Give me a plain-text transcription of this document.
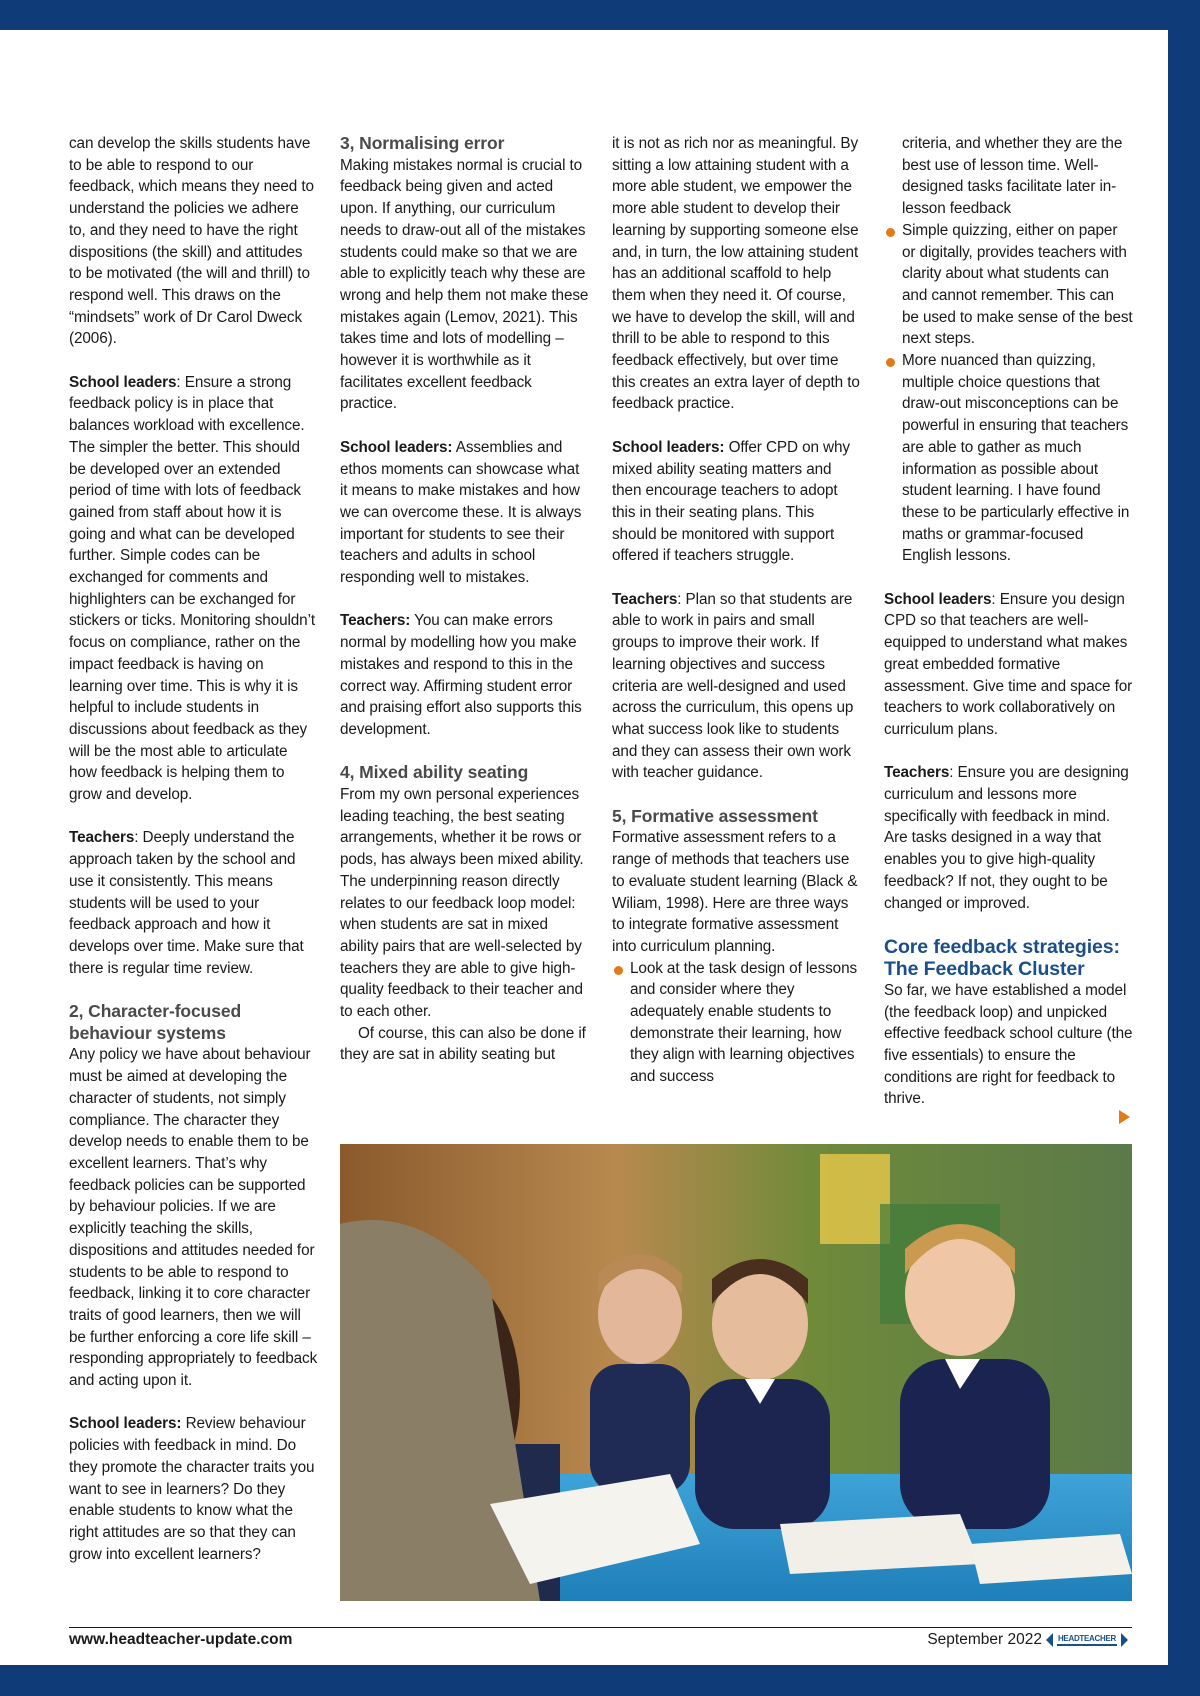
can develop the skills students have to be able to respond to our feedback, which means they need to understand the policies we adhere to, and they need to have the right dispositions (the skill) and attitudes to be motivated (the will and thrill) to respond well. This draws on the “mindsets” work of Dr Carol Dweck (2006).

School leaders: Ensure a strong feedback policy is in place that balances workload with excellence. The simpler the better. This should be developed over an extended period of time with lots of feedback gained from staff about how it is going and what can be developed further. Simple codes can be exchanged for comments and highlighters can be exchanged for stickers or ticks. Monitoring shouldn’t focus on compliance, rather on the impact feedback is having on learning over time. This is why it is helpful to include students in discussions about feedback as they will be the most able to articulate how feedback is helping them to grow and develop.

Teachers: Deeply understand the approach taken by the school and use it consistently. This means students will be used to your feedback approach and how it develops over time. Make sure that there is regular time review.

2, Character-focused behaviour systems

Any policy we have about behaviour must be aimed at developing the character of students, not simply compliance. The character they develop needs to enable them to be excellent learners. That’s why feedback policies can be supported by behaviour policies. If we are explicitly teaching the skills, dispositions and attitudes needed for students to be able to respond to feedback, linking it to core character traits of good learners, then we will be further enforcing a core life skill – responding appropriately to feedback and acting upon it.

School leaders: Review behaviour policies with feedback in mind. Do they promote the character traits you want to see in learners? Do they enable students to know what the right attitudes are so that they can grow into excellent learners?

3, Normalising error

Making mistakes normal is crucial to feedback being given and acted upon. If anything, our curriculum needs to draw-out all of the mistakes students could make so that we are able to explicitly teach why these are wrong and help them not make these mistakes again (Lemov, 2021). This takes time and lots of modelling – however it is worthwhile as it facilitates excellent feedback practice.

School leaders: Assemblies and ethos moments can showcase what it means to make mistakes and how we can overcome these. It is always important for students to see their teachers and adults in school responding well to mistakes.

Teachers: You can make errors normal by modelling how you make mistakes and respond to this in the correct way. Affirming student error and praising effort also supports this development.

4, Mixed ability seating

From my own personal experiences leading teaching, the best seating arrangements, whether it be rows or pods, has always been mixed ability. The underpinning reason directly relates to our feedback loop model: when students are sat in mixed ability pairs that are well-selected by teachers they are able to give high-quality feedback to their teacher and to each other.

Of course, this can also be done if they are sat in ability seating but

it is not as rich nor as meaningful. By sitting a low attaining student with a more able student, we empower the more able student to develop their learning by supporting someone else and, in turn, the low attaining student has an additional scaffold to help them when they need it. Of course, we have to develop the skill, will and thrill to be able to respond to this feedback effectively, but over time this creates an extra layer of depth to feedback practice.

School leaders: Offer CPD on why mixed ability seating matters and then encourage teachers to adopt this in their seating plans. This should be monitored with support offered if teachers struggle.

Teachers: Plan so that students are able to work in pairs and small groups to improve their work. If learning objectives and success criteria are well-designed and used across the curriculum, this opens up what success look like to students and they can assess their own work with teacher guidance.

5, Formative assessment

Formative assessment refers to a range of methods that teachers use to evaluate student learning (Black & Wiliam, 1998). Here are three ways to integrate formative assessment into curriculum planning.

Look at the task design of lessons and consider where they adequately enable students to demonstrate their learning, how they align with learning objectives and success
criteria, and whether they are the best use of lesson time. Well-designed tasks facilitate later in-lesson feedback
Simple quizzing, either on paper or digitally, provides teachers with clarity about what students can and cannot remember. This can be used to make sense of the best next steps.
More nuanced than quizzing, multiple choice questions that draw-out misconceptions can be powerful in ensuring that teachers are able to gather as much information as possible about student learning. I have found these to be particularly effective in maths or grammar-focused English lessons.

School leaders: Ensure you design CPD so that teachers are well-equipped to understand what makes great embedded formative assessment. Give time and space for teachers to work collaboratively on curriculum plans.

Teachers: Ensure you are designing curriculum and lessons more specifically with feedback in mind. Are tasks designed in a way that enables you to give high-quality feedback? If not, they ought to be changed or improved.

Core feedback strategies: The Feedback Cluster

So far, we have established a model (the feedback loop) and unpicked effective feedback school culture (the five essentials) to ensure the conditions are right for feedback to thrive.

www.headteacher-update.com	September 2022 HEADTEACHER
